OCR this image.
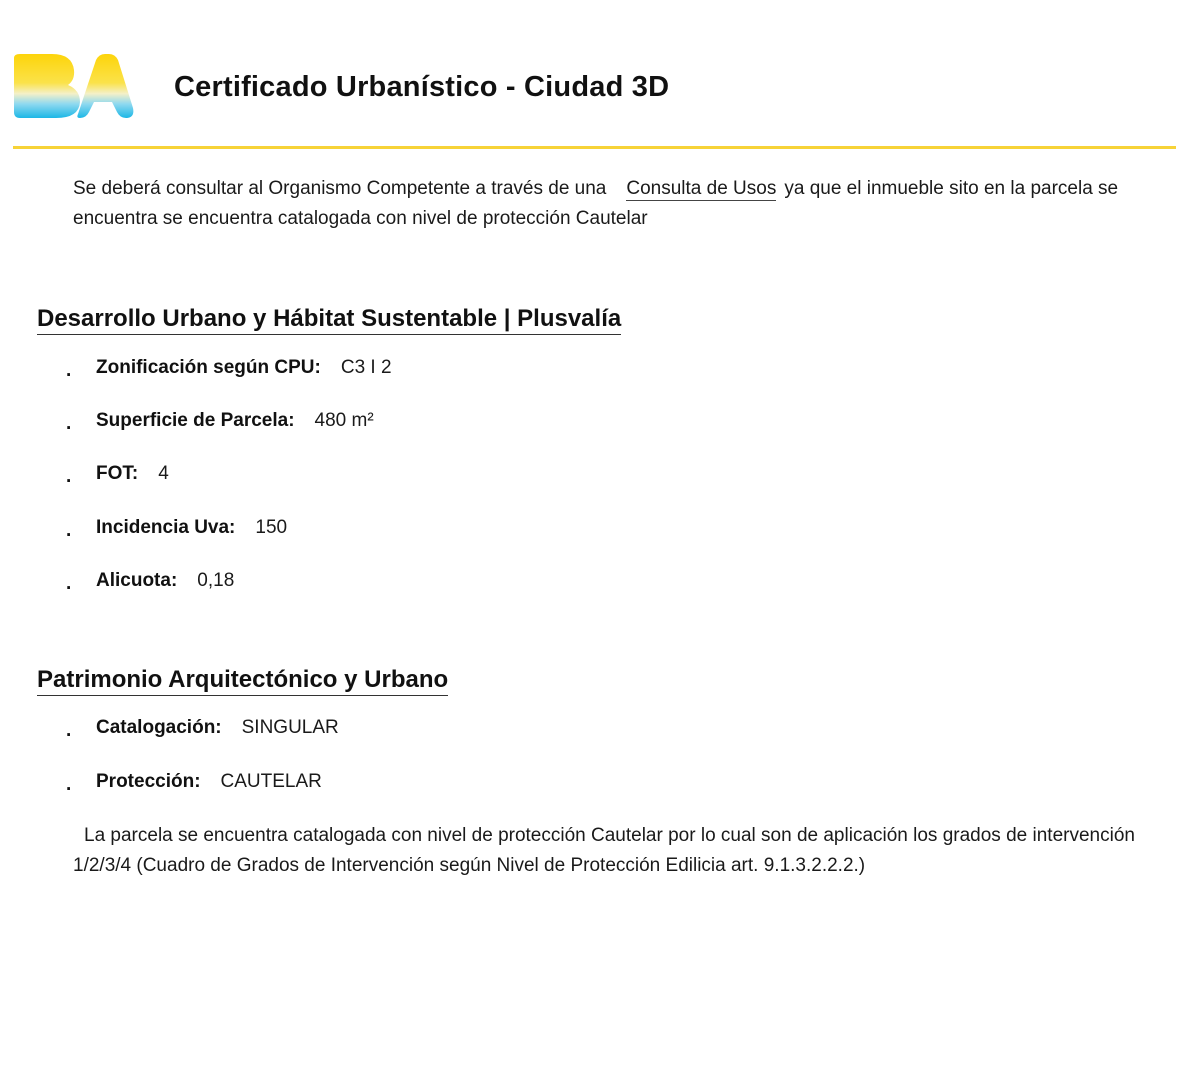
Certificado Urbanístico - Ciudad 3D
Se deberá consultar al Organismo Competente a través de una Consulta de Usos ya que el inmueble sito en la parcela se encuentra se encuentra catalogada con nivel de protección Cautelar
Desarrollo Urbano y Hábitat Sustentable | Plusvalía
. Zonificación según CPU: C3 I 2
. Superficie de Parcela: 480 m²
. FOT: 4
. Incidencia Uva: 150
. Alicuota: 0,18
Patrimonio Arquitectónico y Urbano
. Catalogación: SINGULAR
. Protección: CAUTELAR
La parcela se encuentra catalogada con nivel de protección Cautelar por lo cual son de aplicación los grados de intervención 1/2/3/4 (Cuadro de Grados de Intervención según Nivel de Protección Edilicia art. 9.1.3.2.2.2.)
